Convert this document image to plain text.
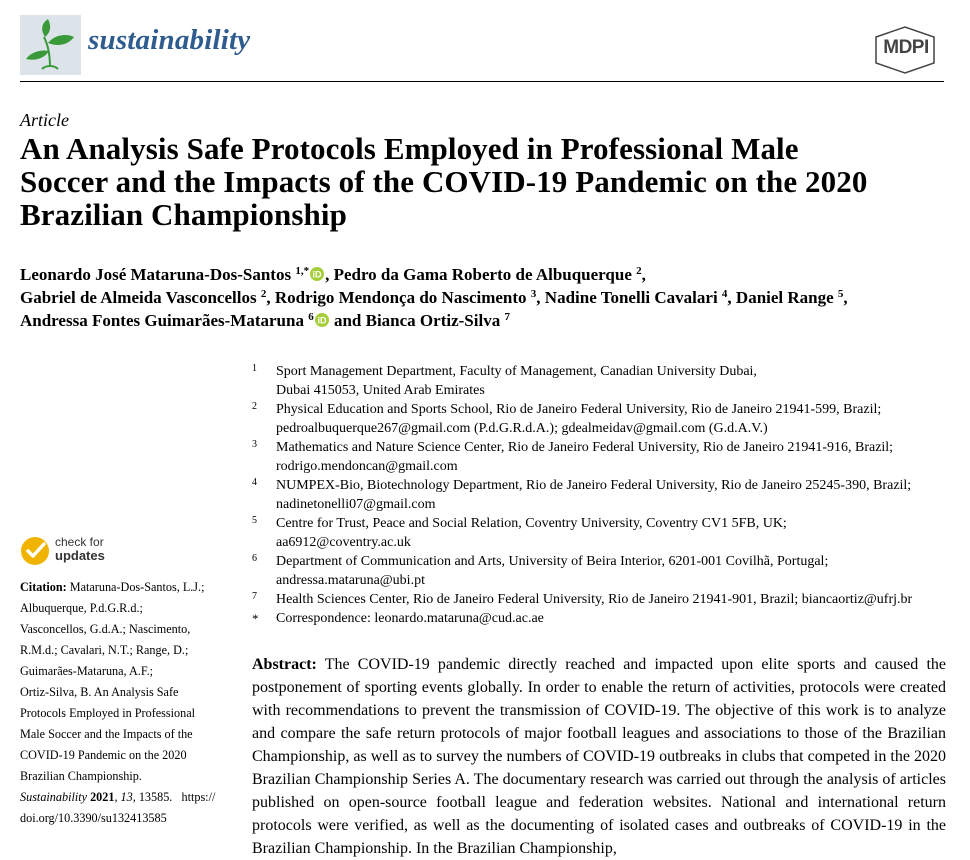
sustainability	MDPI
Article
An Analysis Safe Protocols Employed in Professional Male
Soccer and the Impacts of the COVID-19 Pandemic on the 2020
Brazilian Championship
Leonardo José Mataruna-Dos-Santos $^{1,*}$ iD , Pedro da Gama Roberto de Albuquerque $^2$,
Gabriel de Almeida Vasconcellos $^2$, Rodrigo Mendonça do Nascimento $^3$, Nadine Tonelli Cavalari $^4$, Daniel Range $^5$,
Andressa Fontes Guimarães-Mataruna $^6$ iD and Bianca Ortiz-Silva $^7$
1 Sport Management Department, Faculty of Management, Canadian University Dubai,
Dubai 415053, United Arab Emirates
2 Physical Education and Sports School, Rio de Janeiro Federal University, Rio de Janeiro 21941-599, Brazil;
pedroalbuquerque267@gmail.com (P.d.G.R.d.A.); gdealmeidav@gmail.com (G.d.A.V.)
3 Mathematics and Nature Science Center, Rio de Janeiro Federal University, Rio de Janeiro 21941-916, Brazil;
rodrigo.mendoncan@gmail.com
4 NUMPEX-Bio, Biotechnology Department, Rio de Janeiro Federal University, Rio de Janeiro 25245-390, Brazil;
nadinetonelli07@gmail.com
5 Centre for Trust, Peace and Social Relation, Coventry University, Coventry CV1 5FB, UK;
aa6912@coventry.ac.uk
6 Department of Communication and Arts, University of Beira Interior, 6201-001 Covilhã, Portugal;
andressa.mataruna@ubi.pt
7 Health Sciences Center, Rio de Janeiro Federal University, Rio de Janeiro 21941-901, Brazil; biancaortiz@ufrj.br
* Correspondence: leonardo.mataruna@cud.ac.ae
check for
updates
Citation: Mataruna-Dos-Santos, L.J.;
Albuquerque, P.d.G.R.d.;
Vasconcellos, G.d.A.; Nascimento,
R.M.d.; Cavalari, N.T.; Range, D.;
Guimarães-Mataruna, A.F.;
Ortiz-Silva, B. An Analysis Safe
Protocols Employed in Professional
Male Soccer and the Impacts of the
COVID-19 Pandemic on the 2020
Brazilian Championship.
Sustainability 2021, 13, 13585. https://
doi.org/10.3390/su132413585
Abstract: The COVID-19 pandemic directly reached and impacted upon elite sports and caused the postponement of sporting events globally. In order to enable the return of activities, protocols were created with recommendations to prevent the transmission of COVID-19. The objective of this work is to analyze and compare the safe return protocols of major football leagues and associations to those of the Brazilian Championship, as well as to survey the numbers of COVID-19 outbreaks in clubs that competed in the 2020 Brazilian Championship Series A. The documentary research was carried out through the analysis of articles published on open-source football league and federation websites. National and international return protocols were verified, as well as the documenting of isolated cases and outbreaks of COVID-19 in the Brazilian Championship. In the Brazilian Championship,
